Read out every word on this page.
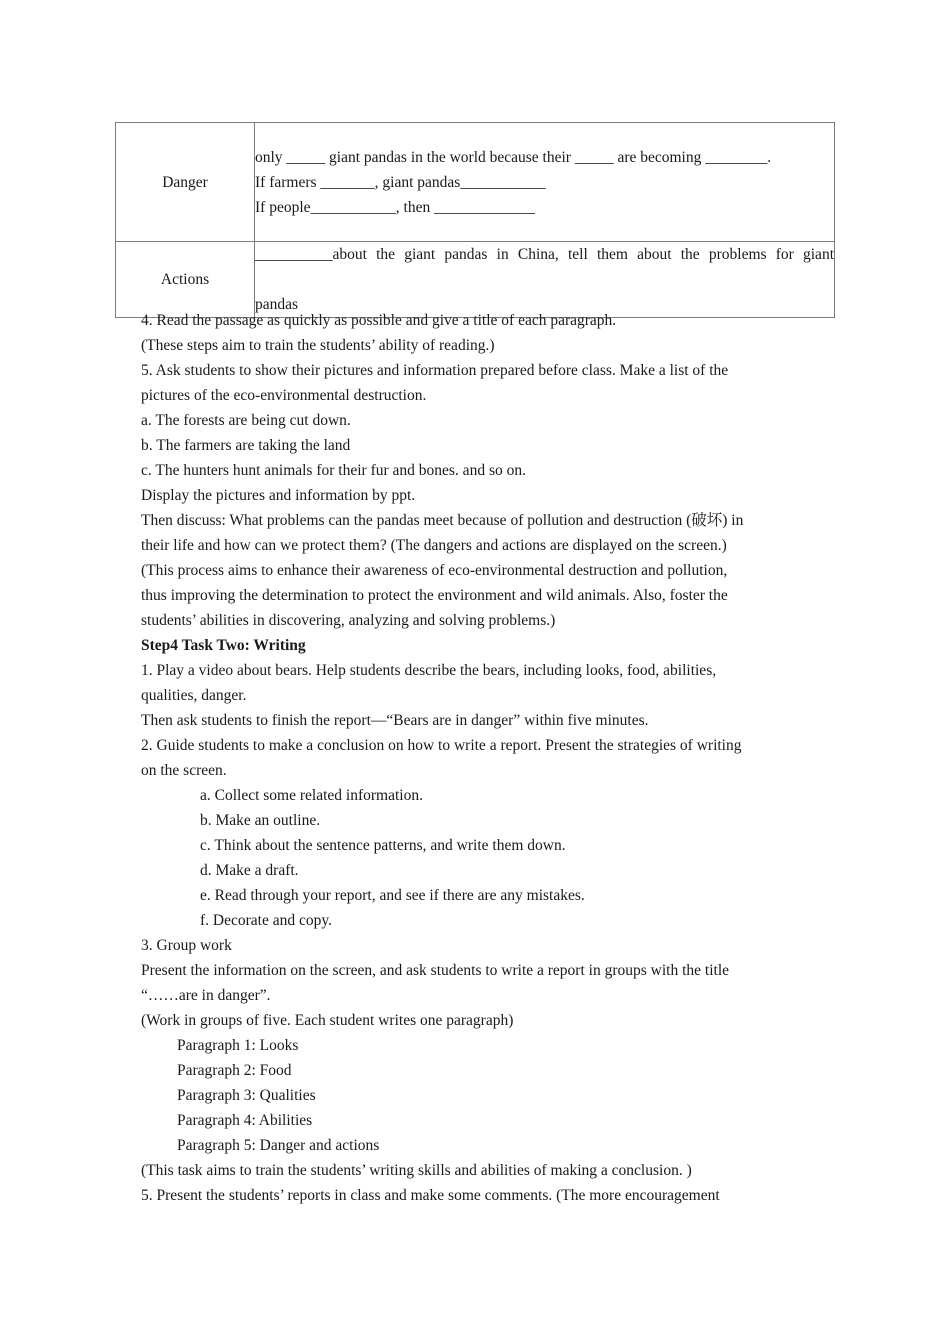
Danger	only _____ giant pandas in the world because their _____ are becoming ________.
If farmers _______, giant pandas___________
If people___________, then _____________

Actions	__________about the giant pandas in China, tell them about the problems for giant
pandas

4. Read the passage as quickly as possible and give a title of each paragraph.

(These steps aim to train the students’ ability of reading.)

5. Ask students to show their pictures and information prepared before class. Make a list of the

pictures of the eco-environmental destruction.

a. The forests are being cut down.

b. The farmers are taking the land

c. The hunters hunt animals for their fur and bones. and so on.

Display the pictures and information by ppt.

Then discuss: What problems can the pandas meet because of pollution and destruction (破坏) in

their life and how can we protect them? (The dangers and actions are displayed on the screen.)

(This process aims to enhance their awareness of eco-environmental destruction and pollution,

thus improving the determination to protect the environment and wild animals. Also, foster the

students’ abilities in discovering, analyzing and solving problems.)

Step4 Task Two: Writing

1. Play a video about bears. Help students describe the bears, including looks, food, abilities,

qualities, danger.

Then ask students to finish the report—“Bears are in danger” within five minutes.

2. Guide students to make a conclusion on how to write a report. Present the strategies of writing

on the screen.

a. Collect some related information.

b. Make an outline.

c. Think about the sentence patterns, and write them down.

d. Make a draft.

e. Read through your report, and see if there are any mistakes.

f. Decorate and copy.

3. Group work

Present the information on the screen, and ask students to write a report in groups with the title

“……are in danger”.

(Work in groups of five. Each student writes one paragraph)

Paragraph 1: Looks

Paragraph 2: Food

Paragraph 3: Qualities

Paragraph 4: Abilities

Paragraph 5: Danger and actions

(This task aims to train the students’ writing skills and abilities of making a conclusion. )

5. Present the students’ reports in class and make some comments. (The more encouragement
